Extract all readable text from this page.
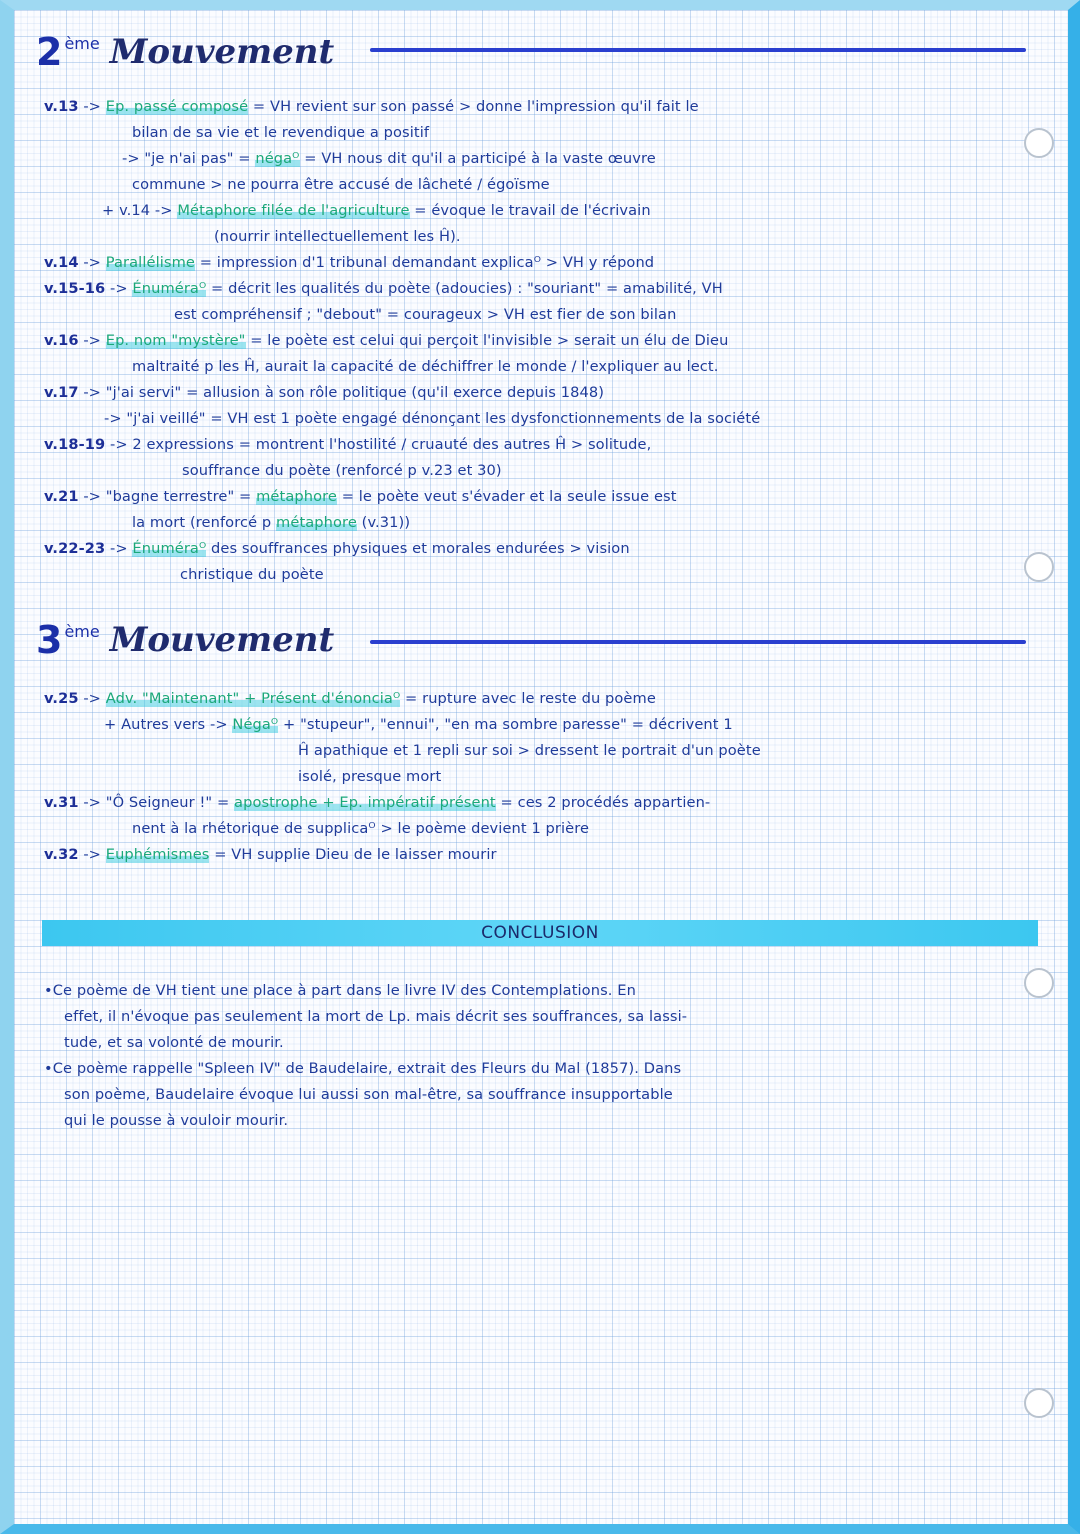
2 ème Mouvement
v.13 -> Ep. passé composé = VH revient sur son passé > donne l'impression qu'il fait le
bilan de sa vie et le revendique a positif
-> "je n'ai pas" = négaᴼ = VH nous dit qu'il a participé à la vaste œuvre
commune > ne pourra être accusé de lâcheté / égoïsme
+ v.14 -> Métaphore filée de l'agriculture = évoque le travail de l'écrivain
(nourrir intellectuellement les Ĥ).
v.14 -> Parallélisme = impression d'1 tribunal demandant explicaᴼ > VH y répond
v.15-16 -> Énuméraᴼ = décrit les qualités du poète (adoucies) : "souriant" = amabilité, VH
est compréhensif ; "debout" = courageux > VH est fier de son bilan
v.16 -> Ep. nom "mystère" = le poète est celui qui perçoit l'invisible > serait un élu de Dieu
maltraité p les Ĥ, aurait la capacité de déchiffrer le monde / l'expliquer au lect.
v.17 -> "j'ai servi" = allusion à son rôle politique (qu'il exerce depuis 1848)
-> "j'ai veillé" = VH est 1 poète engagé dénonçant les dysfonctionnements de la société
v.18-19 -> 2 expressions = montrent l'hostilité / cruauté des autres Ĥ > solitude,
souffrance du poète (renforcé p v.23 et 30)
v.21 -> "bagne terrestre" = métaphore = le poète veut s'évader et la seule issue est
la mort (renforcé p métaphore (v.31))
v.22-23 -> Énuméraᴼ des souffrances physiques et morales endurées > vision
christique du poète
3 ème Mouvement
v.25 -> Adv. "Maintenant" + Présent d'énonciaᴼ = rupture avec le reste du poème
+ Autres vers -> Négaᴼ + "stupeur", "ennui", "en ma sombre paresse" = décrivent 1
Ĥ apathique et 1 repli sur soi > dressent le portrait d'un poète
isolé, presque mort
v.31 -> "Ô Seigneur !" = apostrophe + Ep. impératif présent = ces 2 procédés appartien-
nent à la rhétorique de supplicaᴼ > le poème devient 1 prière
v.32 -> Euphémismes = VH supplie Dieu de le laisser mourir
CONCLUSION
•Ce poème de VH tient une place à part dans le livre IV des Contemplations. En
effet, il n'évoque pas seulement la mort de Lp. mais décrit ses souffrances, sa lassi-
tude, et sa volonté de mourir.
•Ce poème rappelle "Spleen IV" de Baudelaire, extrait des Fleurs du Mal (1857). Dans
son poème, Baudelaire évoque lui aussi son mal-être, sa souffrance insupportable
qui le pousse à vouloir mourir.
